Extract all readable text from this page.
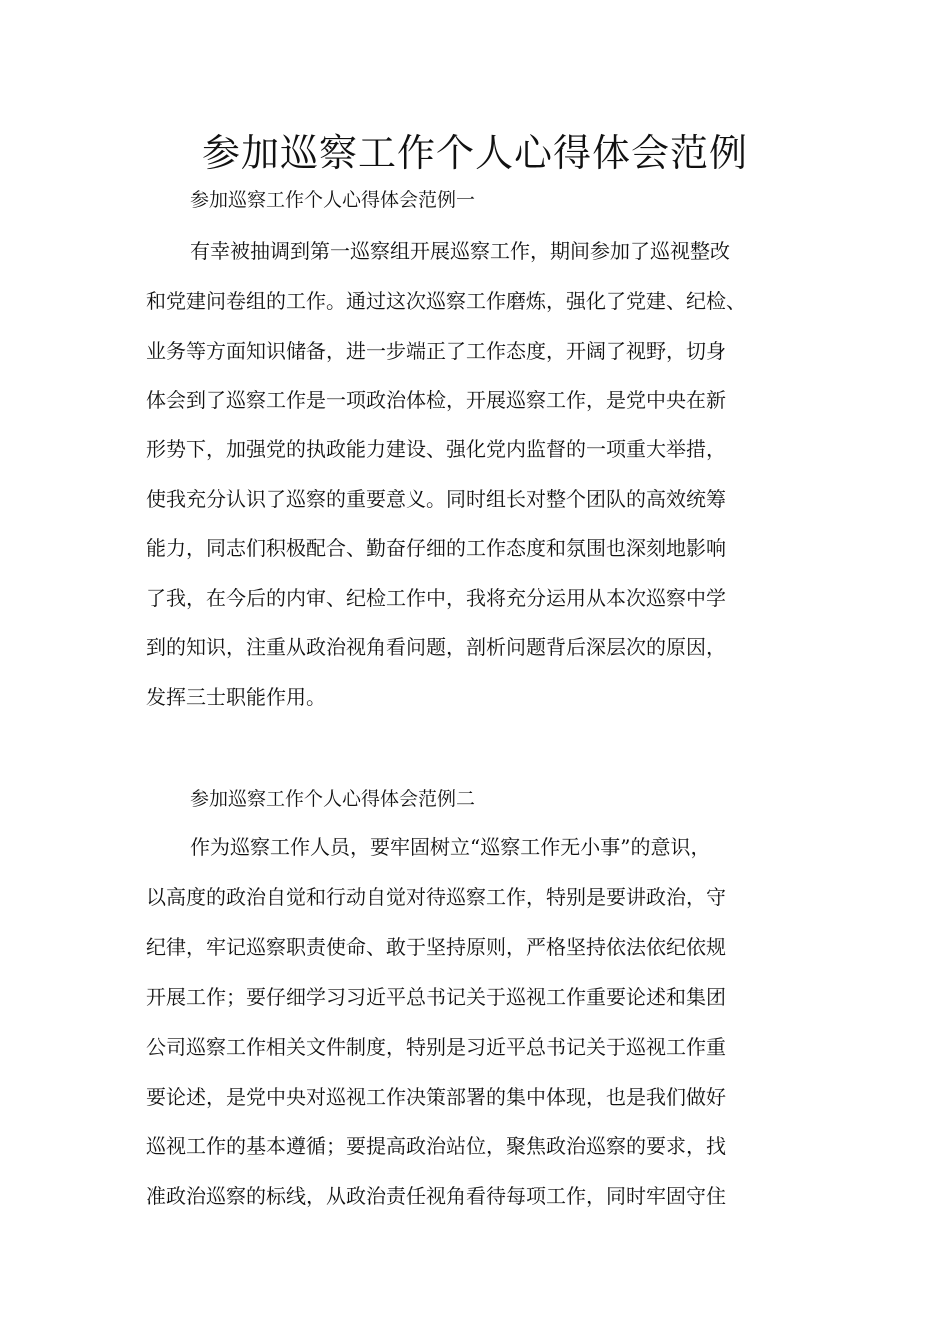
参加巡察工作个人心得体会范例
参加巡察工作个人心得体会范例一
有幸被抽调到第一巡察组开展巡察工作，期间参加了巡视整改
和党建问卷组的工作。通过这次巡察工作磨炼，强化了党建、纪检、
业务等方面知识储备，进一步端正了工作态度，开阔了视野，切身
体会到了巡察工作是一项政治体检，开展巡察工作，是党中央在新
形势下，加强党的执政能力建设、强化党内监督的一项重大举措，
使我充分认识了巡察的重要意义。同时组长对整个团队的高效统筹
能力，同志们积极配合、勤奋仔细的工作态度和氛围也深刻地影响
了我，在今后的内审、纪检工作中，我将充分运用从本次巡察中学
到的知识，注重从政治视角看问题，剖析问题背后深层次的原因，
发挥三士职能作用。
参加巡察工作个人心得体会范例二
作为巡察工作人员，要牢固树立“巡察工作无小事”的意识，
以高度的政治自觉和行动自觉对待巡察工作，特别是要讲政治，守
纪律，牢记巡察职责使命、敢于坚持原则，严格坚持依法依纪依规
开展工作；要仔细学习习近平总书记关于巡视工作重要论述和集团
公司巡察工作相关文件制度，特别是习近平总书记关于巡视工作重
要论述，是党中央对巡视工作决策部署的集中体现，也是我们做好
巡视工作的基本遵循；要提高政治站位，聚焦政治巡察的要求，找
准政治巡察的标线，从政治责任视角看待每项工作，同时牢固守住
